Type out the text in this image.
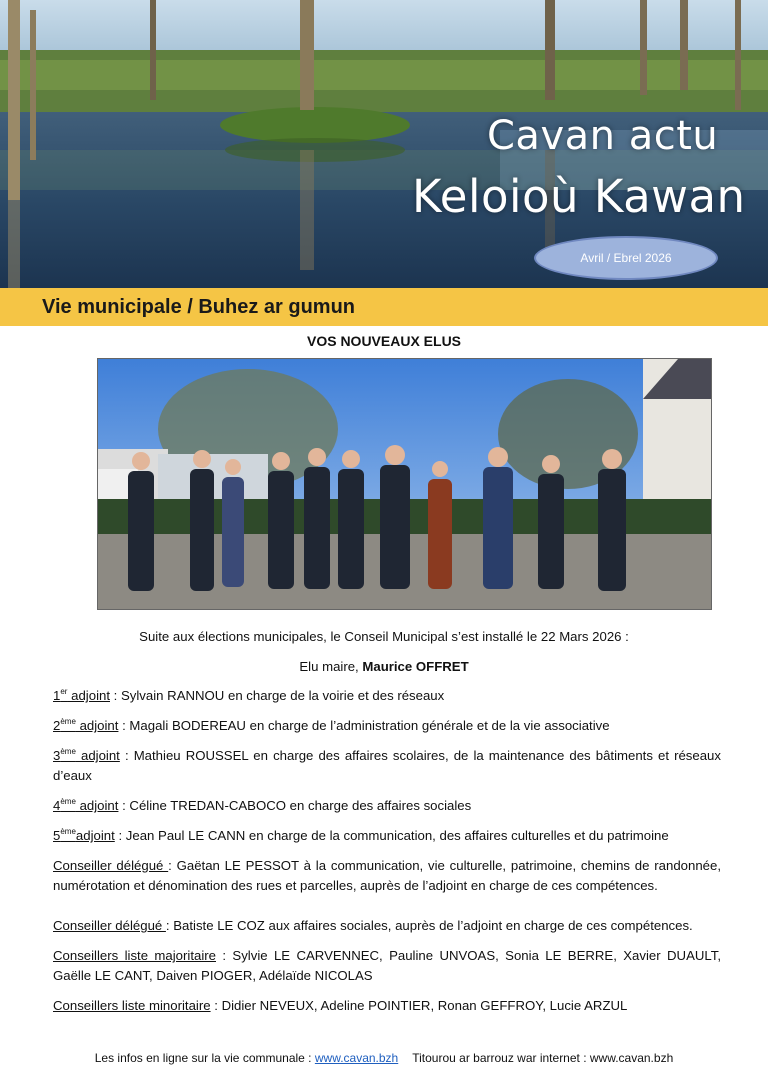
Cavan actu
Keloioù Kawan
Avril / Ebrel 2026
Vie municipale / Buhez ar gumun
VOS NOUVEAUX ELUS
Suite aux élections municipales, le Conseil Municipal s’est installé le 22 Mars 2026 :
Elu maire, Maurice OFFRET
1er adjoint : Sylvain RANNOU en charge de la voirie et des réseaux
2ème adjoint : Magali BODEREAU en charge de l’administration générale et de la vie associative
3ème adjoint : Mathieu ROUSSEL en charge des affaires scolaires, de la maintenance des bâtiments et réseaux d’eaux
4ème adjoint : Céline TREDAN-CABOCO en charge des affaires sociales
5èmeadjoint : Jean Paul LE CANN en charge de la communication, des affaires culturelles et du patrimoine
Conseiller délégué : Gaëtan LE PESSOT à la communication, vie culturelle, patrimoine, chemins de randonnée, numérotation et dénomination des rues et parcelles, auprès de l’adjoint en charge de ces compétences.
Conseiller délégué : Batiste LE COZ aux affaires sociales, auprès de l’adjoint en charge de ces compétences.
Conseillers liste majoritaire : Sylvie LE CARVENNEC, Pauline UNVOAS, Sonia LE BERRE, Xavier DUAULT, Gaëlle LE CANT, Daiven PIOGER, Adélaïde NICOLAS
Conseillers liste minoritaire : Didier NEVEUX, Adeline POINTIER, Ronan GEFFROY, Lucie ARZUL
Les infos en ligne sur la vie communale : www.cavan.bzh Titourou ar barrouz war internet : www.cavan.bzh
